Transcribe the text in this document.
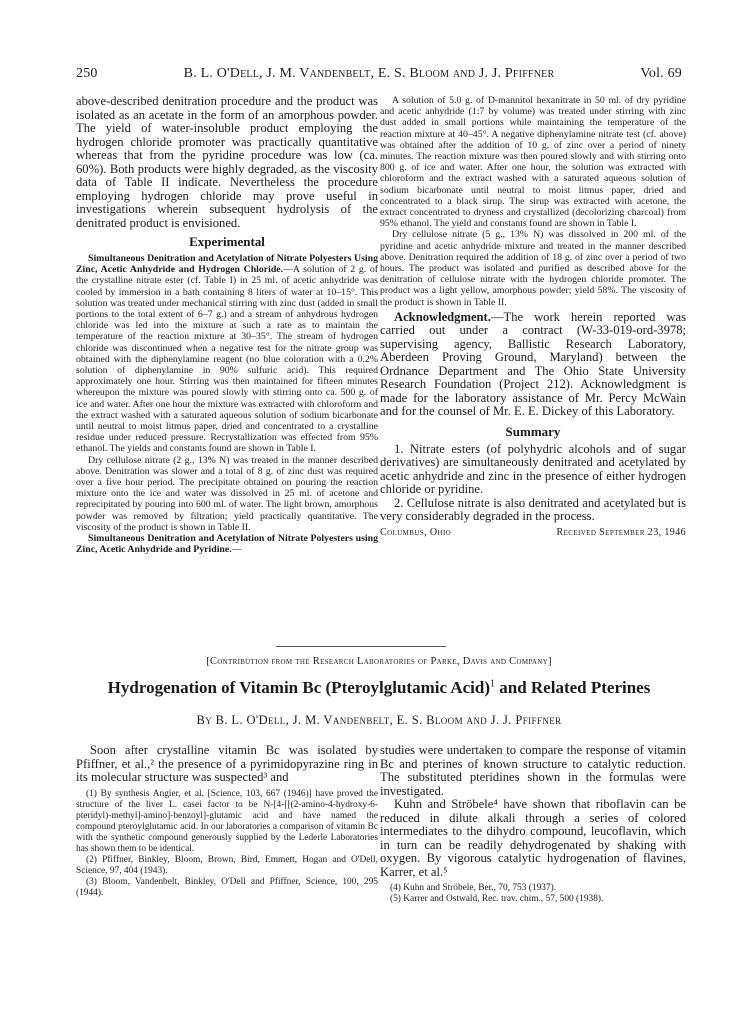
250	B. L. O'Dell, J. M. Vandenbelt, E. S. Bloom and J. J. Pfiffner	Vol. 69

above-described denitration procedure and the product was isolated as an acetate in the form of an amorphous powder. The yield of water-insoluble product employing the hydrogen chloride promoter was practically quantitative whereas that from the pyridine procedure was low (ca. 60%). Both products were highly degraded, as the viscosity data of Table II indicate. Nevertheless the procedure employing hydrogen chloride may prove useful in investigations wherein subsequent hydrolysis of the denitrated product is envisioned.

Experimental

Simultaneous Denitration and Acetylation of Nitrate Polyesters Using Zinc, Acetic Anhydride and Hydrogen Chloride.—A solution of 2 g. of the crystalline nitrate ester (cf. Table I) in 25 ml. of acetic anhydride was cooled by immersion in a bath containing 8 liters of water at 10–15°. This solution was treated under mechanical stirring with zinc dust (added in small portions to the total extent of 6–7 g.) and a stream of anhydrous hydrogen chloride was led into the mixture at such a rate as to maintain the temperature of the reaction mixture at 30–35°. The stream of hydrogen chloride was discontinued when a negative test for the nitrate group was obtained with the diphenylamine reagent (no blue coloration with a 0.2% solution of diphenylamine in 90% sulfuric acid). This required approximately one hour. Stirring was then maintained for fifteen minutes whereupon the mixture was poured slowly with stirring onto ca. 500 g. of ice and water. After one hour the mixture was extracted with chloroform and the extract washed with a saturated aqueous solution of sodium bicarbonate until neutral to moist litmus paper, dried and concentrated to a crystalline residue under reduced pressure. Recrystallization was effected from 95% ethanol. The yields and constants found are shown in Table I.

Dry cellulose nitrate (2 g., 13% N) was treated in the manner described above. Denitration was slower and a total of 8 g. of zinc dust was required over a five hour period. The precipitate obtained on pouring the reaction mixture onto the ice and water was dissolved in 25 ml. of acetone and reprecipitated by pouring into 600 ml. of water. The light brown, amorphous powder was removed by filtration; yield practically quantitative. The viscosity of the product is shown in Table II.

Simultaneous Denitration and Acetylation of Nitrate Polyesters using Zinc, Acetic Anhydride and Pyridine.—

A solution of 5.0 g. of D-mannitol hexanitrate in 50 ml. of dry pyridine and acetic anhydride (1:7 by volume) was treated under stirring with zinc dust added in small portions while maintaining the temperature of the reaction mixture at 40–45°. A negative diphenylamine nitrate test (cf. above) was obtained after the addition of 10 g. of zinc over a period of ninety minutes. The reaction mixture was then poured slowly and with stirring onto 800 g. of ice and water. After one hour, the solution was extracted with chloroform and the extract washed with a saturated aqueous solution of sodium bicarbonate until neutral to moist litmus paper, dried and concentrated to a black sirup. The sirup was extracted with acetone, the extract concentrated to dryness and crystallized (decolorizing charcoal) from 95% ethanol. The yield and constants found are shown in Table I.

Dry cellulose nitrate (5 g., 13% N) was dissolved in 200 ml. of the pyridine and acetic anhydride mixture and treated in the manner described above. Denitration required the addition of 18 g. of zinc over a period of two hours. The product was isolated and purified as described above for the denitration of cellulose nitrate with the hydrogen chloride promoter. The product was a light yellow, amorphous powder; yield 58%. The viscosity of the product is shown in Table II.

Acknowledgment.—The work herein reported was carried out under a contract (W-33-019-ord-3978; supervising agency, Ballistic Research Laboratory, Aberdeen Proving Ground, Maryland) between the Ordnance Department and The Ohio State University Research Foundation (Project 212). Acknowledgment is made for the laboratory assistance of Mr. Percy McWain and for the counsel of Mr. E. E. Dickey of this Laboratory.

Summary

1. Nitrate esters (of polyhydric alcohols and of sugar derivatives) are simultaneously denitrated and acetylated by acetic anhydride and zinc in the presence of either hydrogen chloride or pyridine.

2. Cellulose nitrate is also denitrated and acetylated but is very considerably degraded in the process.

Columbus, Ohio	Received September 23, 1946
[Contribution from the Research Laboratories of Parke, Davis and Company]
Hydrogenation of Vitamin Bc (Pteroylglutamic Acid)$^1$ and Related Pterines
By B. L. O'Dell, J. M. Vandenbelt, E. S. Bloom and J. J. Pfiffner

Soon after crystalline vitamin Bc was isolated by Pfiffner, et al.,² the presence of a pyrimidopyrazine ring in its molecular structure was suspected³ and

(1) By synthesis Angier, et al. [Science, 103, 667 (1946)] have proved the structure of the liver L. casei factor to be N-[4-[[(2-amino-4-hydroxy-6-pteridyl)-methyl]-amino]-benzoyl]-glutamic acid and have named the compound pteroylglutamic acid. In our laboratories a comparison of vitamin Bc with the synthetic compound generously supplied by the Lederle Laboratories has shown them to be identical.

(2) Pfiffner, Binkley, Bloom, Brown, Bird, Emmett, Hogan and O'Dell, Science, 97, 404 (1943).

(3) Bloom, Vandenbelt, Binkley, O'Dell and Pfiffner, Science, 100, 295 (1944).

studies were undertaken to compare the response of vitamin Bc and pterines of known structure to catalytic reduction. The substituted pteridines shown in the formulas were investigated.

Kuhn and Ströbele⁴ have shown that riboflavin can be reduced in dilute alkali through a series of colored intermediates to the dihydro compound, leucoflavin, which in turn can be readily dehydrogenated by shaking with oxygen. By vigorous catalytic hydrogenation of flavines, Karrer, et al.⁵

(4) Kuhn and Ströbele, Ber., 70, 753 (1937).

(5) Karrer and Ostwald, Rec. trav. chim., 57, 500 (1938).
